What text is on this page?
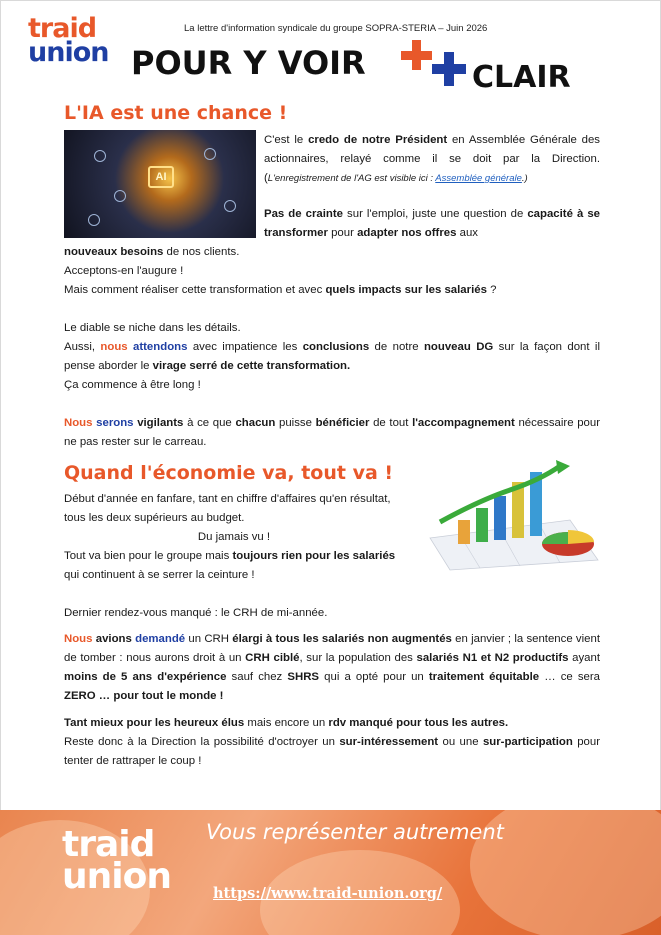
traid
union
La lettre d'information syndicale du groupe SOPRA-STERIA – Juin 2026
POUR Y VOIR	CLAIR
L'IA est une chance !
AI
C'est le credo de notre Président en Assemblée Générale des actionnaires, relayé comme il se doit par la Direction. (L'enregistrement de l'AG est visible ici : Assemblée générale.)
Pas de crainte sur l'emploi, juste une question de capacité à se transformer pour adapter nos offres aux
nouveaux besoins de nos clients.
Acceptons-en l'augure !
Mais comment réaliser cette transformation et avec quels impacts sur les salariés ?
Le diable se niche dans les détails.
Aussi, nous attendons avec impatience les conclusions de notre nouveau DG sur la façon dont il pense aborder le virage serré de cette transformation.
Ça commence à être long !
Nous serons vigilants à ce que chacun puisse bénéficier de tout l'accompagnement nécessaire pour ne pas rester sur le carreau.
Quand l'économie va, tout va !
Début d'année en fanfare, tant en chiffre d'affaires qu'en résultat, tous les deux supérieurs au budget.
Du jamais vu !
Tout va bien pour le groupe mais toujours rien pour les salariés qui continuent à se serrer la ceinture !
Dernier rendez-vous manqué : le CRH de mi-année.
Nous avions demandé un CRH élargi à tous les salariés non augmentés en janvier ; la sentence vient de tomber : nous aurons droit à un CRH ciblé, sur la population des salariés N1 et N2 productifs ayant moins de 5 ans d'expérience sauf chez SHRS qui a opté pour un traitement équitable … ce sera ZERO … pour tout le monde !
Tant mieux pour les heureux élus mais encore un rdv manqué pour tous les autres.
Reste donc à la Direction la possibilité d'octroyer un sur-intéressement ou une sur-participation pour tenter de rattraper le coup !
traid
union
Vous représenter autrement
https://www.traid-union.org/
